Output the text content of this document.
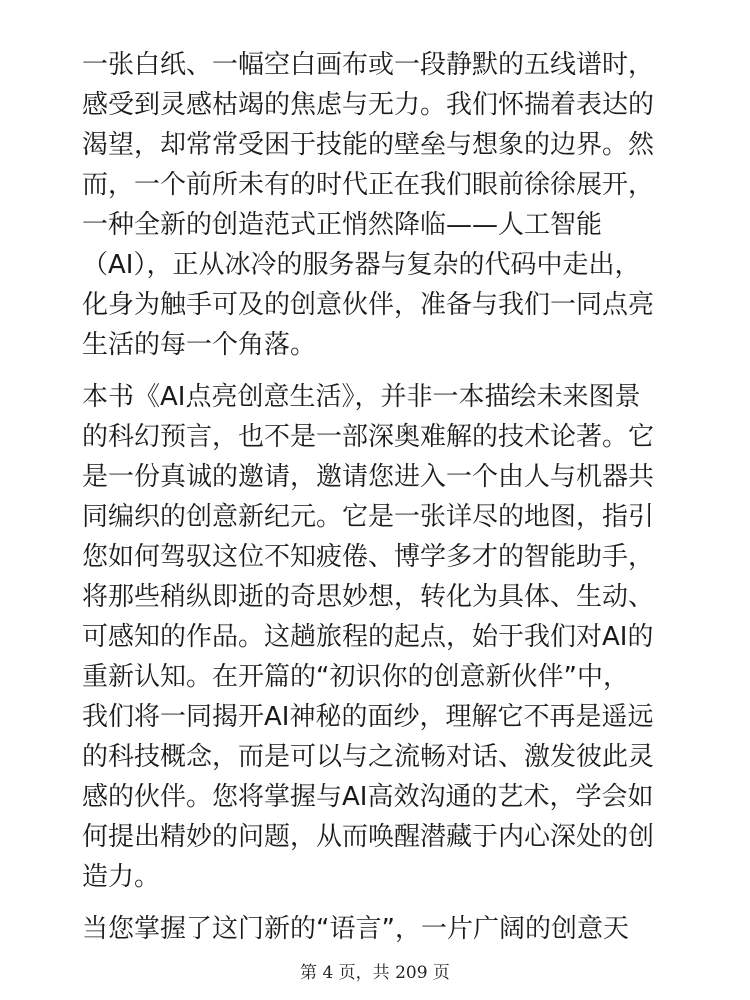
一张白纸、一幅空白画布或一段静默的五线谱时，
感受到灵感枯竭的焦虑与无力。我们怀揣着表达的
渴望，却常常受困于技能的壁垒与想象的边界。然
而，一个前所未有的时代正在我们眼前徐徐展开，
一种全新的创造范式正悄然降临——人工智能
（AI），正从冰冷的服务器与复杂的代码中走出，
化身为触手可及的创意伙伴，准备与我们一同点亮
生活的每一个角落。

本书《AI点亮创意生活》，并非一本描绘未来图景
的科幻预言，也不是一部深奥难解的技术论著。它
是一份真诚的邀请，邀请您进入一个由人与机器共
同编织的创意新纪元。它是一张详尽的地图，指引
您如何驾驭这位不知疲倦、博学多才的智能助手，
将那些稍纵即逝的奇思妙想，转化为具体、生动、
可感知的作品。这趟旅程的起点，始于我们对AI的
重新认知。在开篇的“初识你的创意新伙伴”中，
我们将一同揭开AI神秘的面纱，理解它不再是遥远
的科技概念，而是可以与之流畅对话、激发彼此灵
感的伙伴。您将掌握与AI高效沟通的艺术，学会如
何提出精妙的问题，从而唤醒潜藏于内心深处的创
造力。

当您掌握了这门新的“语言”，一片广阔的创意天

第 4 页，共 209 页
